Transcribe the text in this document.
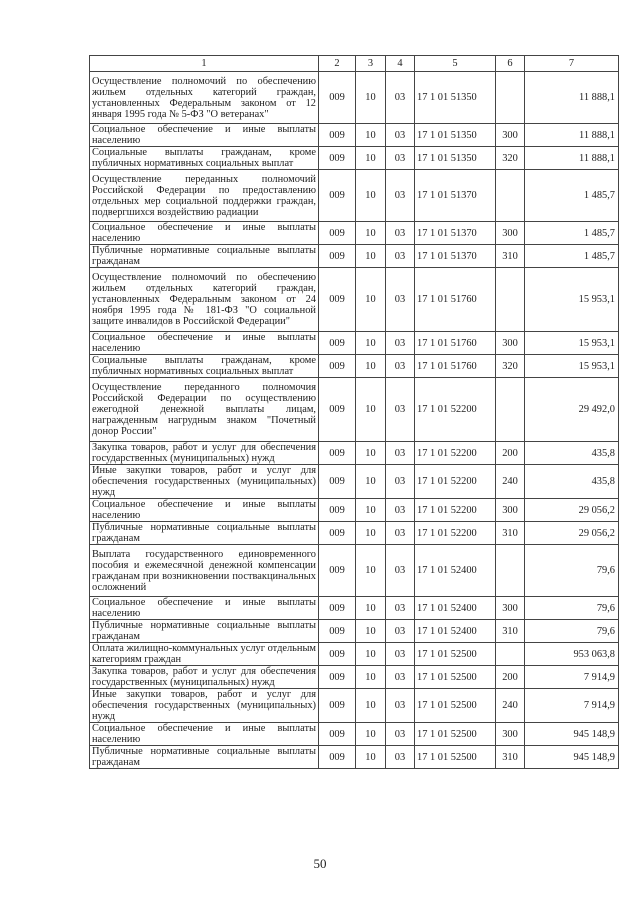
1	2	3	4	5	6	7
Осуществление полномочий по обеспечению жильем отдельных категорий граждан, установленных Федеральным законом от 12 января 1995 года № 5-ФЗ "О ветеранах"	009	10	03	17 1 01 51350		11 888,1
Социальное обеспечение и иные выплаты населению	009	10	03	17 1 01 51350	300	11 888,1
Социальные выплаты гражданам, кроме публичных нормативных социальных выплат	009	10	03	17 1 01 51350	320	11 888,1
Осуществление переданных полномочий Российской Федерации по предоставлению отдельных мер социальной поддержки граждан, подвергшихся воздействию радиации	009	10	03	17 1 01 51370		1 485,7
Социальное обеспечение и иные выплаты населению	009	10	03	17 1 01 51370	300	1 485,7
Публичные нормативные социальные выплаты гражданам	009	10	03	17 1 01 51370	310	1 485,7
Осуществление полномочий по обеспечению жильем отдельных категорий граждан, установленных Федеральным законом от 24 ноября 1995 года № 181-ФЗ "О социальной защите инвалидов в Российской Федерации"	009	10	03	17 1 01 51760		15 953,1
Социальное обеспечение и иные выплаты населению	009	10	03	17 1 01 51760	300	15 953,1
Социальные выплаты гражданам, кроме публичных нормативных социальных выплат	009	10	03	17 1 01 51760	320	15 953,1
Осуществление переданного полномочия Российской Федерации по осуществлению ежегодной денежной выплаты лицам, награжденным нагрудным знаком "Почетный донор России"	009	10	03	17 1 01 52200		29 492,0
Закупка товаров, работ и услуг для обеспечения государственных (муниципальных) нужд	009	10	03	17 1 01 52200	200	435,8
Иные закупки товаров, работ и услуг для обеспечения государственных (муниципальных) нужд	009	10	03	17 1 01 52200	240	435,8
Социальное обеспечение и иные выплаты населению	009	10	03	17 1 01 52200	300	29 056,2
Публичные нормативные социальные выплаты гражданам	009	10	03	17 1 01 52200	310	29 056,2
Выплата государственного единовременного пособия и ежемесячной денежной компенсации гражданам при возникновении поствакцинальных осложнений	009	10	03	17 1 01 52400		79,6
Социальное обеспечение и иные выплаты населению	009	10	03	17 1 01 52400	300	79,6
Публичные нормативные социальные выплаты гражданам	009	10	03	17 1 01 52400	310	79,6
Оплата жилищно-коммунальных услуг отдельным категориям граждан	009	10	03	17 1 01 52500		953 063,8
Закупка товаров, работ и услуг для обеспечения государственных (муниципальных) нужд	009	10	03	17 1 01 52500	200	7 914,9
Иные закупки товаров, работ и услуг для обеспечения государственных (муниципальных) нужд	009	10	03	17 1 01 52500	240	7 914,9
Социальное обеспечение и иные выплаты населению	009	10	03	17 1 01 52500	300	945 148,9
Публичные нормативные социальные выплаты гражданам	009	10	03	17 1 01 52500	310	945 148,9
50
